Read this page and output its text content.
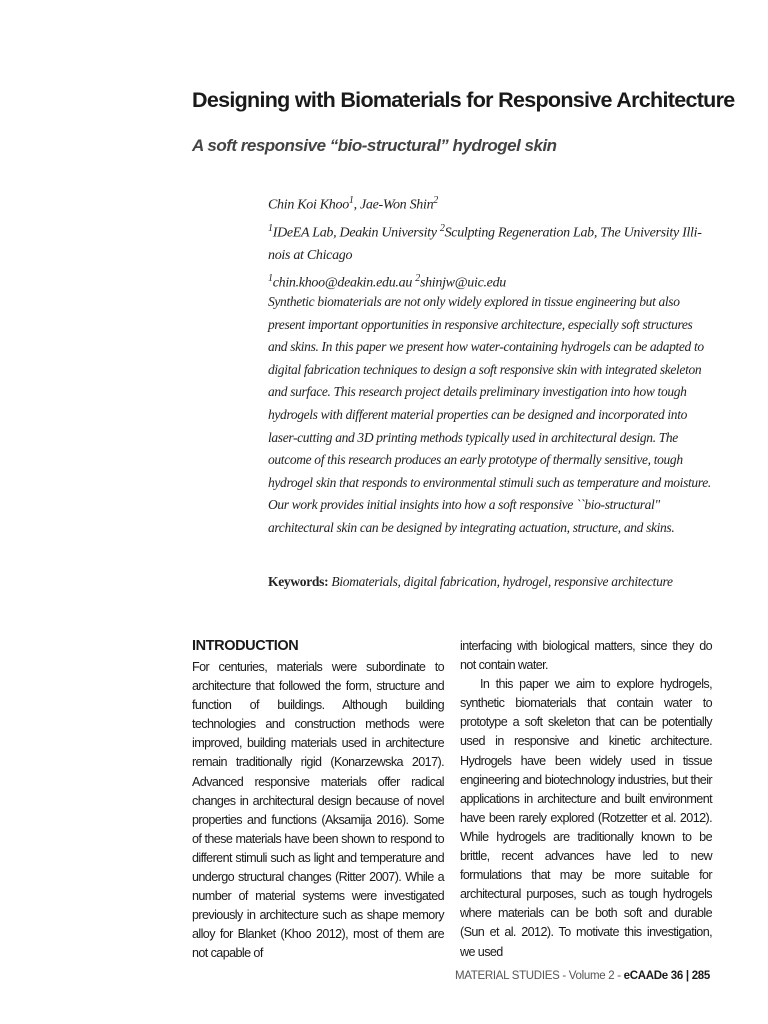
Designing with Biomaterials for Responsive Architecture
A soft responsive “bio-structural” hydrogel skin

Chin Koi Khoo$^1$, Jae-Won Shin$^2$

$^1$IDeEA Lab, Deakin University $^2$Sculpting Regeneration Lab, The University Illi-nois at Chicago

$^1$chin.khoo@deakin.edu.au $^2$shinjw@uic.edu

Synthetic biomaterials are not only widely explored in tissue engineering but also present important opportunities in responsive architecture, especially soft structures and skins. In this paper we present how water-containing hydrogels can be adapted to digital fabrication techniques to design a soft responsive skin with integrated skeleton and surface. This research project details preliminary investigation into how tough hydrogels with different material properties can be designed and incorporated into laser-cutting and 3D printing methods typically used in architectural design. The outcome of this research produces an early prototype of thermally sensitive, tough hydrogel skin that responds to environmental stimuli such as temperature and moisture. Our work provides initial insights into how a soft responsive ``bio-structural" architectural skin can be designed by integrating actuation, structure, and skins.

Keywords: Biomaterials, digital fabrication, hydrogel, responsive architecture
INTRODUCTION

For centuries, materials were subordinate to architecture that followed the form, structure and function of buildings. Although building technologies and construction methods were improved, building materials used in architecture remain traditionally rigid (Konarzewska 2017). Advanced responsive materials offer radical changes in architectural design because of novel properties and functions (Aksamija 2016). Some of these materials have been shown to respond to different stimuli such as light and temperature and undergo structural changes (Ritter 2007). While a number of material systems were investigated previously in architecture such as shape memory alloy for Blanket (Khoo 2012), most of them are not capable of

interfacing with biological matters, since they do not contain water.

In this paper we aim to explore hydrogels, synthetic biomaterials that contain water to prototype a soft skeleton that can be potentially used in responsive and kinetic architecture. Hydrogels have been widely used in tissue engineering and biotechnology industries, but their applications in architecture and built environment have been rarely explored (Rotzetter et al. 2012). While hydrogels are traditionally known to be brittle, recent advances have led to new formulations that may be more suitable for architectural purposes, such as tough hydrogels where materials can be both soft and durable (Sun et al. 2012). To motivate this investigation, we used

MATERIAL STUDIES - Volume 2 - eCAADe 36 | 285
